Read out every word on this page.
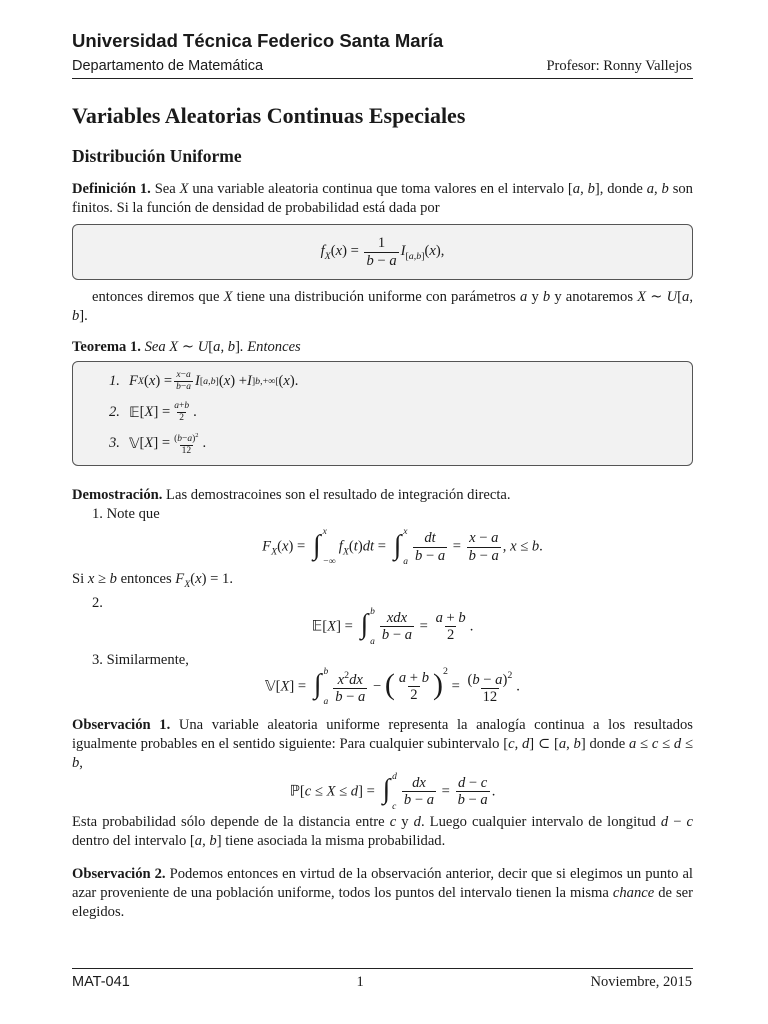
Universidad Técnica Federico Santa María
Departamento de Matemática	Profesor: Ronny Vallejos
Variables Aleatorias Continuas Especiales
Distribución Uniforme

Definición 1. Sea X una variable aleatoria continua que toma valores en el intervalo [a, b], donde a, b son finitos. Si la función de densidad de probabilidad está dada por

$f_X(x) = \frac{1}{b - a} I_{[a,b]}(x)$,

entonces diremos que X tiene una distribución uniforme con parámetros a y b y anotaremos X ∼ U[a, b].

Teorema 1. Sea X ∼ U[a, b]. Entonces

1. F X ( x ) = $\frac{x-a}{b-a}$ I [a,b] ( x ) + I ]b,+∞[ ( x ).
2. 𝔼 [ X ] = $\frac{a+b}{2}$ .
3. 𝕍 [ X ] = $\frac{(b-a)^2}{12}$ .

Demostración. Las demostracoines son el resultado de integración directa.

1. Note que

$F_X(x)$ = ∫ x
−∞
$f_X(t)dt$ = ∫ x
a $\frac{dt}{b - a} = \frac{x - a}{b - a}$ , x ≤ b.

Si x ≥ b entonces $F_X(x) = 1$.

2.

𝔼[X] = ∫ b
a $\frac{\text{xdx}}{b - a} = \frac{a + b}{2}$ .

3. Similarmente,

𝕍[X] = ∫ b
a $\frac{x^2dx}{b - a}$ − ( $\frac{a + b}{2} )^2 = \frac{(b - a)^2}{12}$ .

Observación 1. Una variable aleatoria uniforme representa la analogía continua a los resultados igualmente probables en el sentido siguiente: Para cualquier subintervalo [c, d] ⊂ [a, b] donde a ≤ c ≤ d ≤ b,

ℙ[c ≤ X ≤ d] = ∫ d
c $\frac{dx}{b - a} = \frac{d - c}{b - a}$ .

Esta probabilidad sólo depende de la distancia entre c y d. Luego cualquier intervalo de longitud d − c dentro del intervalo [a, b] tiene asociada la misma probabilidad.

Observación 2. Podemos entonces en virtud de la observación anterior, decir que si elegimos un punto al azar proveniente de una población uniforme, todos los puntos del intervalo tienen la misma chance de ser elegidos.

MAT-041	1	Noviembre, 2015
